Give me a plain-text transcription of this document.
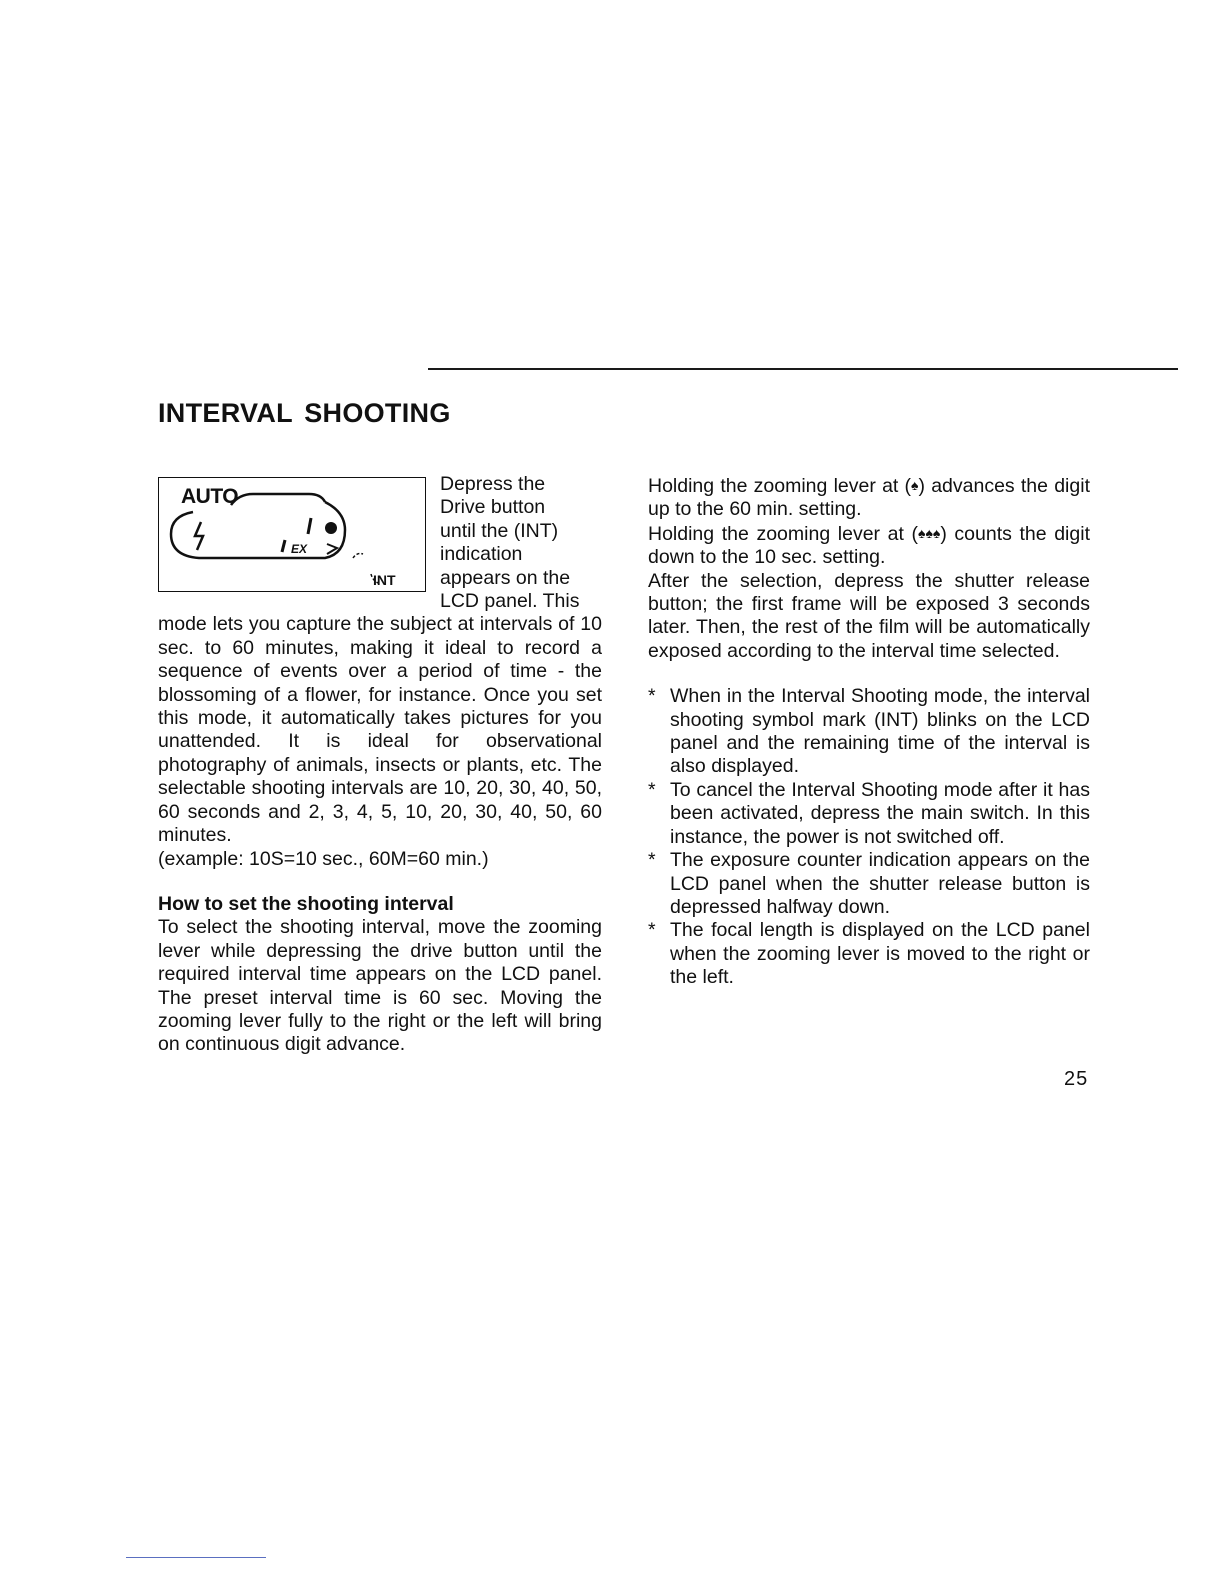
INTERVAL SHOOTING
AUTO
EX
INT

Depress the
Drive button
until the (INT)
indication
appears on the
LCD panel. This

mode lets you capture the subject at intervals of 10 sec. to 60 minutes, making it ideal to record a sequence of events over a period of time - the blossoming of a flower, for instance. Once you set this mode, it automatically takes pictures for you unattended. It is ideal for observational photography of animals, insects or plants, etc. The selectable shooting intervals are 10, 20, 30, 40, 50, 60 seconds and 2, 3, 4, 5, 10, 20, 30, 40, 50, 60 minutes.

(example: 10S=10 sec., 60M=60 min.)

How to set the shooting interval

To select the shooting interval, move the zooming lever while depressing the drive button until the required interval time appears on the LCD panel. The preset interval time is 60 sec. Moving the zooming lever fully to the right or the left will bring on continuous digit advance.

Holding the zooming lever at (♠) advances the digit up to the 60 min. setting.

Holding the zooming lever at (♠♠♠) counts the digit down to the 10 sec. setting.

After the selection, depress the shutter release button; the first frame will be exposed 3 seconds later. Then, the rest of the film will be automatically exposed according to the interval time selected.

* When in the Interval Shooting mode, the interval shooting symbol mark (INT) blinks on the LCD panel and the remaining time of the interval is also displayed.
* To cancel the Interval Shooting mode after it has been activated, depress the main switch. In this instance, the power is not switched off.
* The exposure counter indication appears on the LCD panel when the shutter release button is depressed halfway down.
* The focal length is displayed on the LCD panel when the zooming lever is moved to the right or the left.
25
